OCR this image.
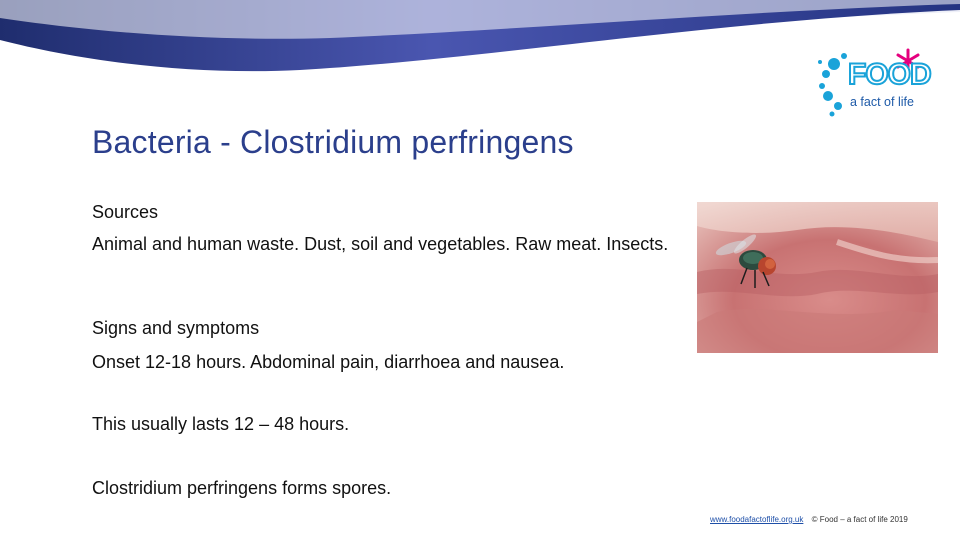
FOOD
a fact of life
Bacteria - Clostridium perfringens

Sources

Animal and human waste. Dust, soil and vegetables. Raw meat. Insects.

Signs and symptoms

Onset 12-18 hours. Abdominal pain, diarrhoea and nausea.

This usually lasts 12 – 48 hours.

Clostridium perfringens forms spores.

www.foodafactoflife.org.uk © Food – a fact of life 2019
